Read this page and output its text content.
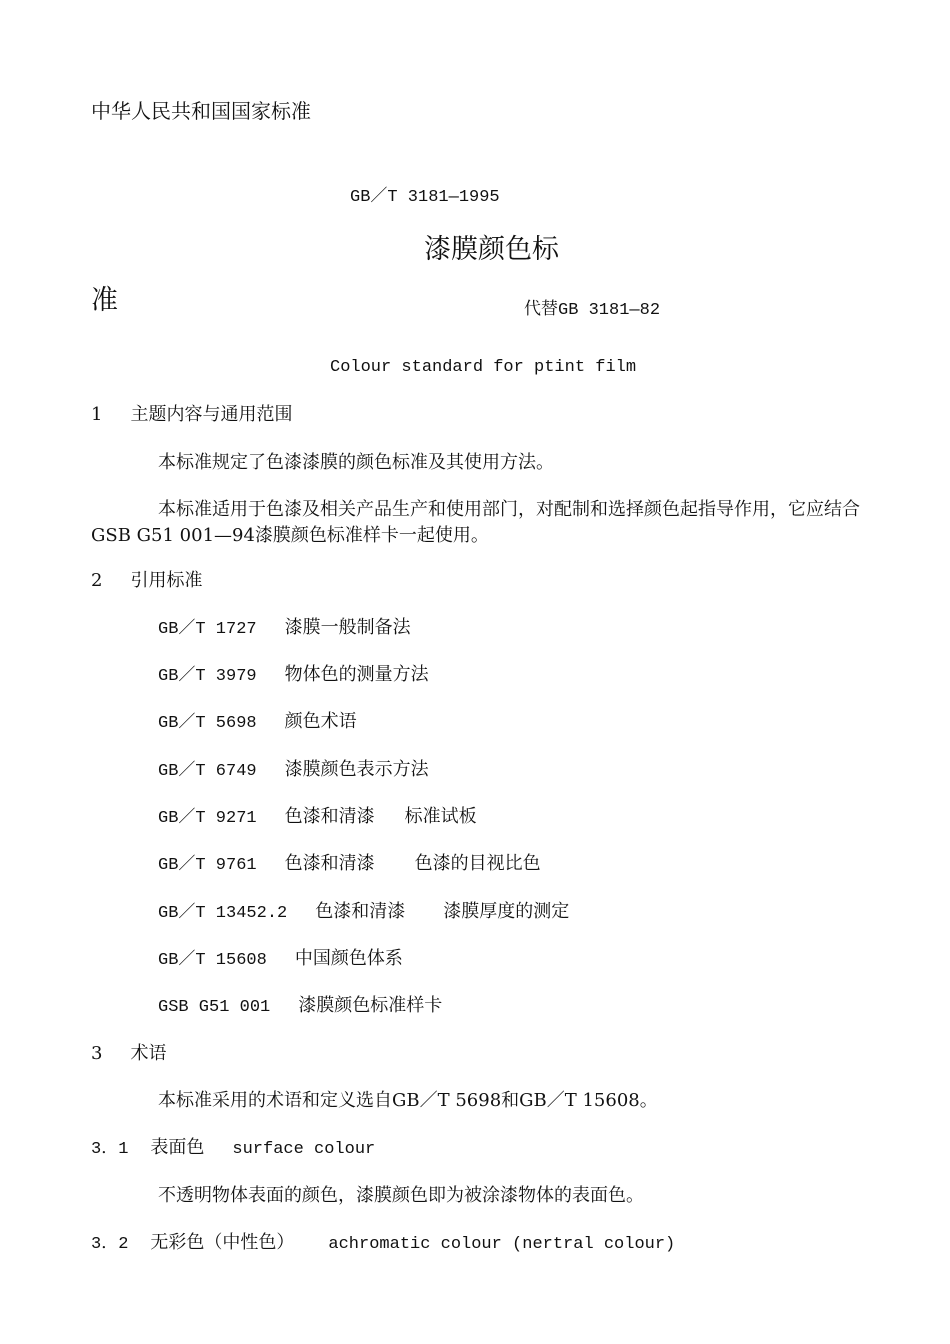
中华人民共和国国家标准
GB／T 3181—1995
漆膜颜色标
准	代替GB 3181—82
Colour standard for ptint film
1 主题内容与通用范围
本标准规定了色漆漆膜的颜色标准及其使用方法。
本标准适用于色漆及相关产品生产和使用部门，对配制和选择颜色起指导作用，它应结合GSB G51 001—94漆膜颜色标准样卡一起使用。
2 引用标准
GB／T 1727 漆膜一般制备法
GB／T 3979 物体色的测量方法
GB／T 5698 颜色术语
GB／T 6749 漆膜颜色表示方法
GB／T 9271 色漆和清漆 标准试板
GB／T 9761 色漆和清漆 色漆的目视比色
GB／T 13452.2 色漆和清漆 漆膜厚度的测定
GB／T 15608 中国颜色体系
GSB G51 001 漆膜颜色标准样卡
3 术语
本标准采用的术语和定义选自GB／T 5698和GB／T 15608。
3．1 表面色 surface colour
不透明物体表面的颜色，漆膜颜色即为被涂漆物体的表面色。
3．2 无彩色（中性色） achromatic colour (nertral colour)
